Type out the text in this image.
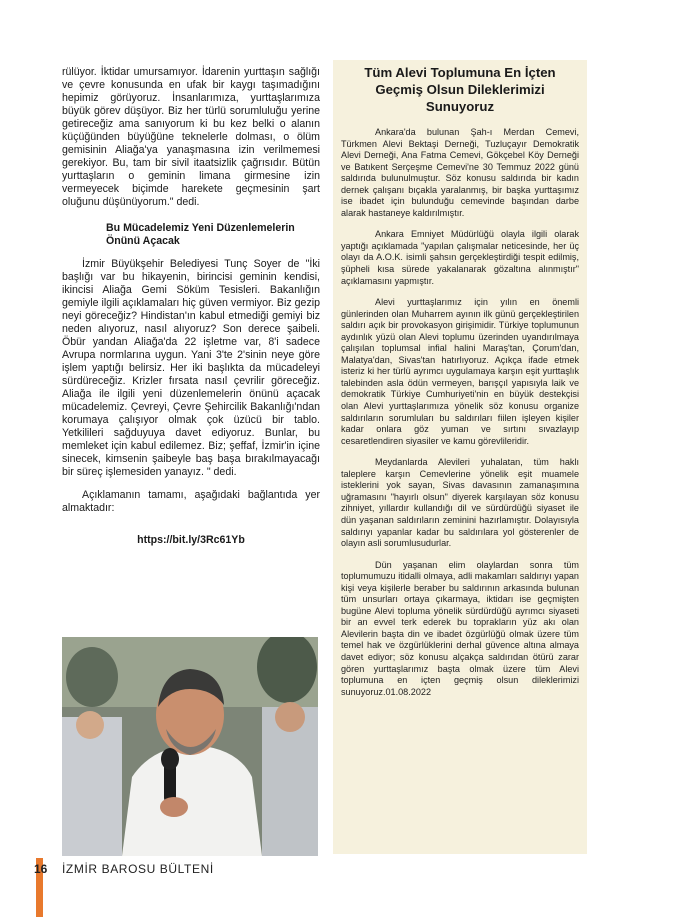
rülüyor. İktidar umursamıyor. İdarenin yurttaşın sağlığı ve çevre konusunda en ufak bir kaygı taşımadığını hepimiz görüyoruz. İnsanlarımıza, yurttaşlarımıza büyük görev düşüyor. Biz her türlü sorumluluğu yerine getireceğiz ama sanıyorum ki bu kez belki o alanın küçüğünden büyüğüne teknelerle dolması, o ölüm gemisinin Aliağa'ya yanaşmasına izin verilmemesi gerekiyor. Bu, tam bir sivil itaatsizlik çağrısıdır. Bütün yurttaşların o geminin limana girmesine izin vermeyecek biçimde harekete geçmesinin şart oluğunu düşünüyorum." dedi.

Bu Mücadelemiz Yeni Düzenlemelerin Önünü Açacak

İzmir Büyükşehir Belediyesi Tunç Soyer de "İki başlığı var bu hikayenin, birincisi geminin kendisi, ikincisi Aliağa Gemi Söküm Tesisleri. Bakanlığın gemiyle ilgili açıklamaları hiç güven vermiyor. Biz gezip neyi göreceğiz? Hindistan'ın kabul etmediği gemiyi biz neden alıyoruz, nasıl alıyoruz? Son derece şaibeli. Öbür yandan Aliağa'da 22 işletme var, 8'i sadece Avrupa normlarına uygun. Yani 3'te 2'sinin neye göre işlem yaptığı belirsiz. Her iki başlıkta da mücadeleyi sürdüreceğiz. Krizler fırsata nasıl çevrilir göreceğiz. Aliağa ile ilgili yeni düzenlemelerin önünü açacak mücadelemiz. Çevreyi, Çevre Şehircilik Bakanlığı'ndan korumaya çalışıyor olmak çok üzücü bir tablo. Yetkilileri sağduyuya davet ediyoruz. Bunlar, bu memleket için kabul edilemez. Biz; şeffaf, İzmir'in içine sinecek, kimsenin şaibeyle baş başa bırakılmayacağı bir süreç işlemesiden yanayız. " dedi.

Açıklamanın tamamı, aşağıdaki bağlantıda yer almaktadır:

https://bit.ly/3Rc61Yb

Tüm Alevi Toplumuna En İçten Geçmiş Olsun Dileklerimizi Sunuyoruz

Ankara'da bulunan Şah-ı Merdan Cemevi, Türkmen Alevi Bektaşi Derneği, Tuzluçayır Demokratik Alevi Derneği, Ana Fatma Cemevi, Gökçebel Köy Derneği ve Batıkent Serçeşme Cemevi'ne 30 Temmuz 2022 günü saldırıda bulunulmuştur. Söz konusu saldırıda bir kadın dernek çalışanı bıçakla yaralanmış, bir başka yurttaşımız ise ibadet için bulunduğu cemevinde başından darbe alarak hastaneye kaldırılmıştır.

Ankara Emniyet Müdürlüğü olayla ilgili olarak yaptığı açıklamada "yapılan çalışmalar neticesinde, her üç olayı da A.O.K. isimli şahsın gerçekleştirdiği tespit edilmiş, şüpheli kısa sürede yakalanarak gözaltına alınmıştır" açıklamasını yapmıştır.

Alevi yurttaşlarımız için yılın en önemli günlerinden olan Muharrem ayının ilk günü gerçekleştirilen saldırı açık bir provokasyon girişimidir. Türkiye toplumunun aydınlık yüzü olan Alevi toplumu üzerinden uyandırılmaya çalışılan toplumsal infial halini Maraş'tan, Çorum'dan, Malatya'dan, Sivas'tan hatırlıyoruz. Açıkça ifade etmek isteriz ki her türlü ayrımcı uygulamaya karşın eşit yurttaşlık talebinden asla ödün vermeyen, barışçıl yapısıyla laik ve demokratik Türkiye Cumhuriyeti'nin en büyük destekçisi olan Alevi yurttaşlarımıza yönelik söz konusu organize saldırıların sorumluları bu saldırıları fiilen işleyen kişiler kadar onlara göz yuman ve sırtını sıvazlayıp cesaretlendiren siyasiler ve kamu görevlileridir.

Meydanlarda Alevileri yuhalatan, tüm haklı taleplere karşın Cemevlerine yönelik eşit muamele isteklerini yok sayan, Sivas davasının zamanaşımına uğramasını "hayırlı olsun" diyerek karşılayan söz konusu zihniyet, yıllardır kullandığı dil ve sürdürdüğü siyaset ile dün yaşanan saldırıların zeminini hazırlamıştır. Dolayısıyla saldırıyı yapanlar kadar bu saldırılara yol gösterenler de olayın asli sorumlusudurlar.

Dün yaşanan elim olaylardan sonra tüm toplumumuzu itidalli olmaya, adli makamları saldırıyı yapan kişi veya kişilerle beraber bu saldırının arkasında bulunan tüm unsurları ortaya çıkarmaya, iktidarı ise geçmişten bugüne Alevi topluma yönelik sürdürdüğü ayrımcı siyaseti bir an evvel terk ederek bu toprakların yüz akı olan Alevilerin başta din ve ibadet özgürlüğü olmak üzere tüm temel hak ve özgürlüklerini derhal güvence altına almaya davet ediyor; söz konusu alçakça saldırıdan ötürü zarar gören yurttaşlarımız başta olmak üzere tüm Alevi toplumuna en içten geçmiş olsun dileklerimizi sunuyoruz.01.08.2022

16 İZMİR BAROSU BÜLTENİ
